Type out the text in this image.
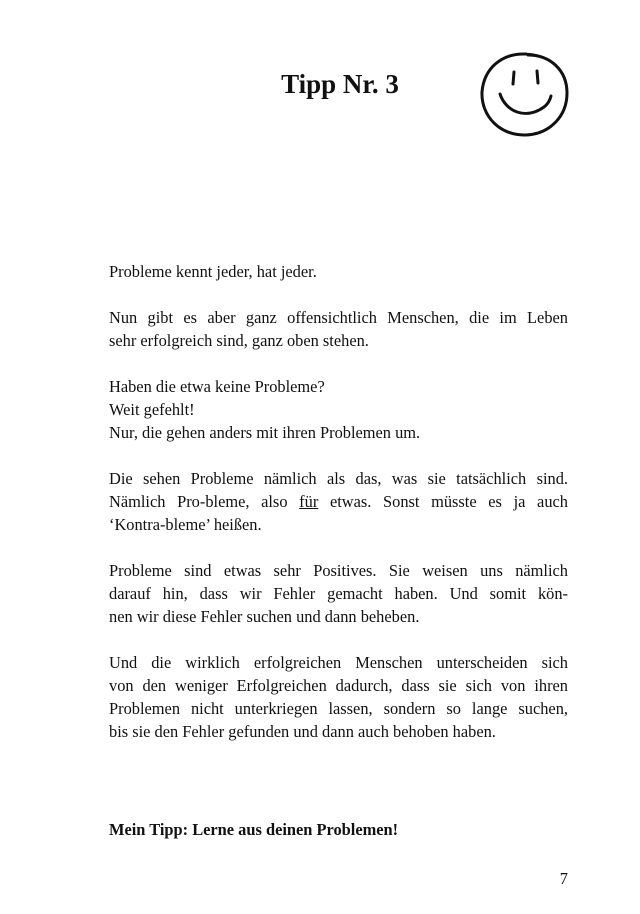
Tipp Nr. 3

Probleme kennt jeder, hat jeder.

Nun gibt es aber ganz offensichtlich Menschen, die im Leben
sehr erfolgreich sind, ganz oben stehen.

Haben die etwa keine Probleme?
Weit gefehlt!
Nur, die gehen anders mit ihren Problemen um.

Die sehen Probleme nämlich als das, was sie tatsächlich sind.
Nämlich Pro-bleme, also für etwas. Sonst müsste es ja auch
‘Kontra-bleme’ heißen.

Probleme sind etwas sehr Positives. Sie weisen uns nämlich
darauf hin, dass wir Fehler gemacht haben. Und somit kön-
nen wir diese Fehler suchen und dann beheben.

Und die wirklich erfolgreichen Menschen unterscheiden sich
von den weniger Erfolgreichen dadurch, dass sie sich von ihren
Problemen nicht unterkriegen lassen, sondern so lange suchen,
bis sie den Fehler gefunden und dann auch behoben haben.

Mein Tipp: Lerne aus deinen Problemen!
7
